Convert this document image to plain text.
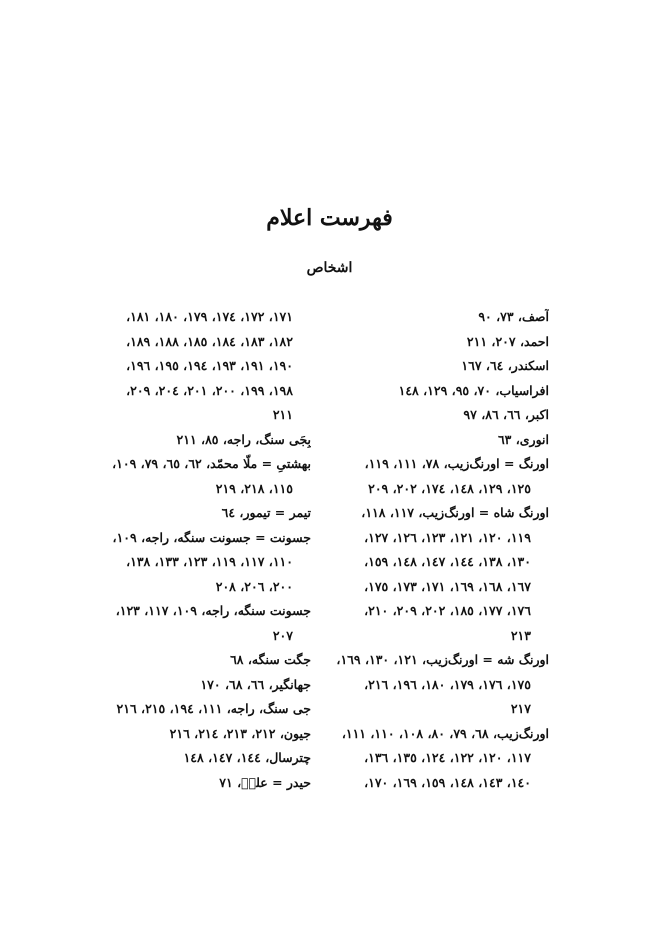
فهرست اعلام
اشخاص
آصف، ٧٣، ٩٠
احمد، ٢٠٧، ٢١١
اسکندر، ٦٤، ١٦٧
افراسیاب، ٧٠، ٩٥، ١٢٩، ١٤٨
اکبر، ٦٦، ٨٦، ٩٧
انوری، ٦٣
اورنگ = اورنگ‌زیب، ٧٨، ١١١، ١١٩،
١٢٥، ١٢٩، ١٤٨، ١٧٤، ٢٠٢، ٢٠٩
اورنگ شاه = اورنگ‌زیب، ١١٧، ١١٨،
١١٩، ١٢٠، ١٢١، ١٢٣، ١٢٦، ١٢٧،
١٣٠، ١٣٨، ١٤٤، ١٤٧، ١٤٨، ١٥٩،
١٦٧، ١٦٨، ١٦٩، ١٧١، ١٧٣، ١٧٥،
١٧٦، ١٧٧، ١٨٥، ٢٠٢، ٢٠٩، ٢١٠،
٢١٣
اورنگ شه = اورنگ‌زیب، ١٢١، ١٣٠، ١٦٩،
١٧٥، ١٧٦، ١٧٩، ١٨٠، ١٩٦، ٢١٦،
٢١٧
اورنگ‌زیب، ٦٨، ٧٩، ٨٠، ١٠٨، ١١٠، ١١١،
١١٧، ١٢٠، ١٢٢، ١٢٤، ١٣٥، ١٣٦،
١٤٠، ١٤٣، ١٤٨، ١٥٩، ١٦٩، ١٧٠،
١٧١، ١٧٢، ١٧٤، ١٧٩، ١٨٠، ١٨١،
١٨٢، ١٨٣، ١٨٤، ١٨٥، ١٨٨، ١٨٩،
١٩٠، ١٩١، ١٩٣، ١٩٤، ١٩٥، ١٩٦،
١٩٨، ١٩٩، ٢٠٠، ٢٠١، ٢٠٤، ٢٠٩،
٢١١
بِجَی سنگ، راجه، ٨٥، ٢١١
بهشتیِ = ملّا محمّد، ٦٢، ٦٥، ٧٩، ١٠٩،
١١٥، ٢١٨، ٢١٩
تیمر = تیمور، ٦٤
جسونت = جسونت سنگه، راجه، ١٠٩،
١١٠، ١١٧، ١١٩، ١٢٣، ١٣٣، ١٣٨،
٢٠٠، ٢٠٦، ٢٠٨
جسونت سنگه، راجه، ١٠٩، ١١٧، ١٢٣،
٢٠٧
جگت سنگه، ٦٨
جهانگیر، ٦٦، ٦٨، ١٧٠
جی سنگ، راجه، ١١١، ١٩٤، ٢١٥، ٢١٦
جیون، ٢١٢، ٢١٣، ٢١٤، ٢١٦
چترسال، ١٤٤، ١٤٧، ١٤٨
حیدر = علیؑ، ٧١
